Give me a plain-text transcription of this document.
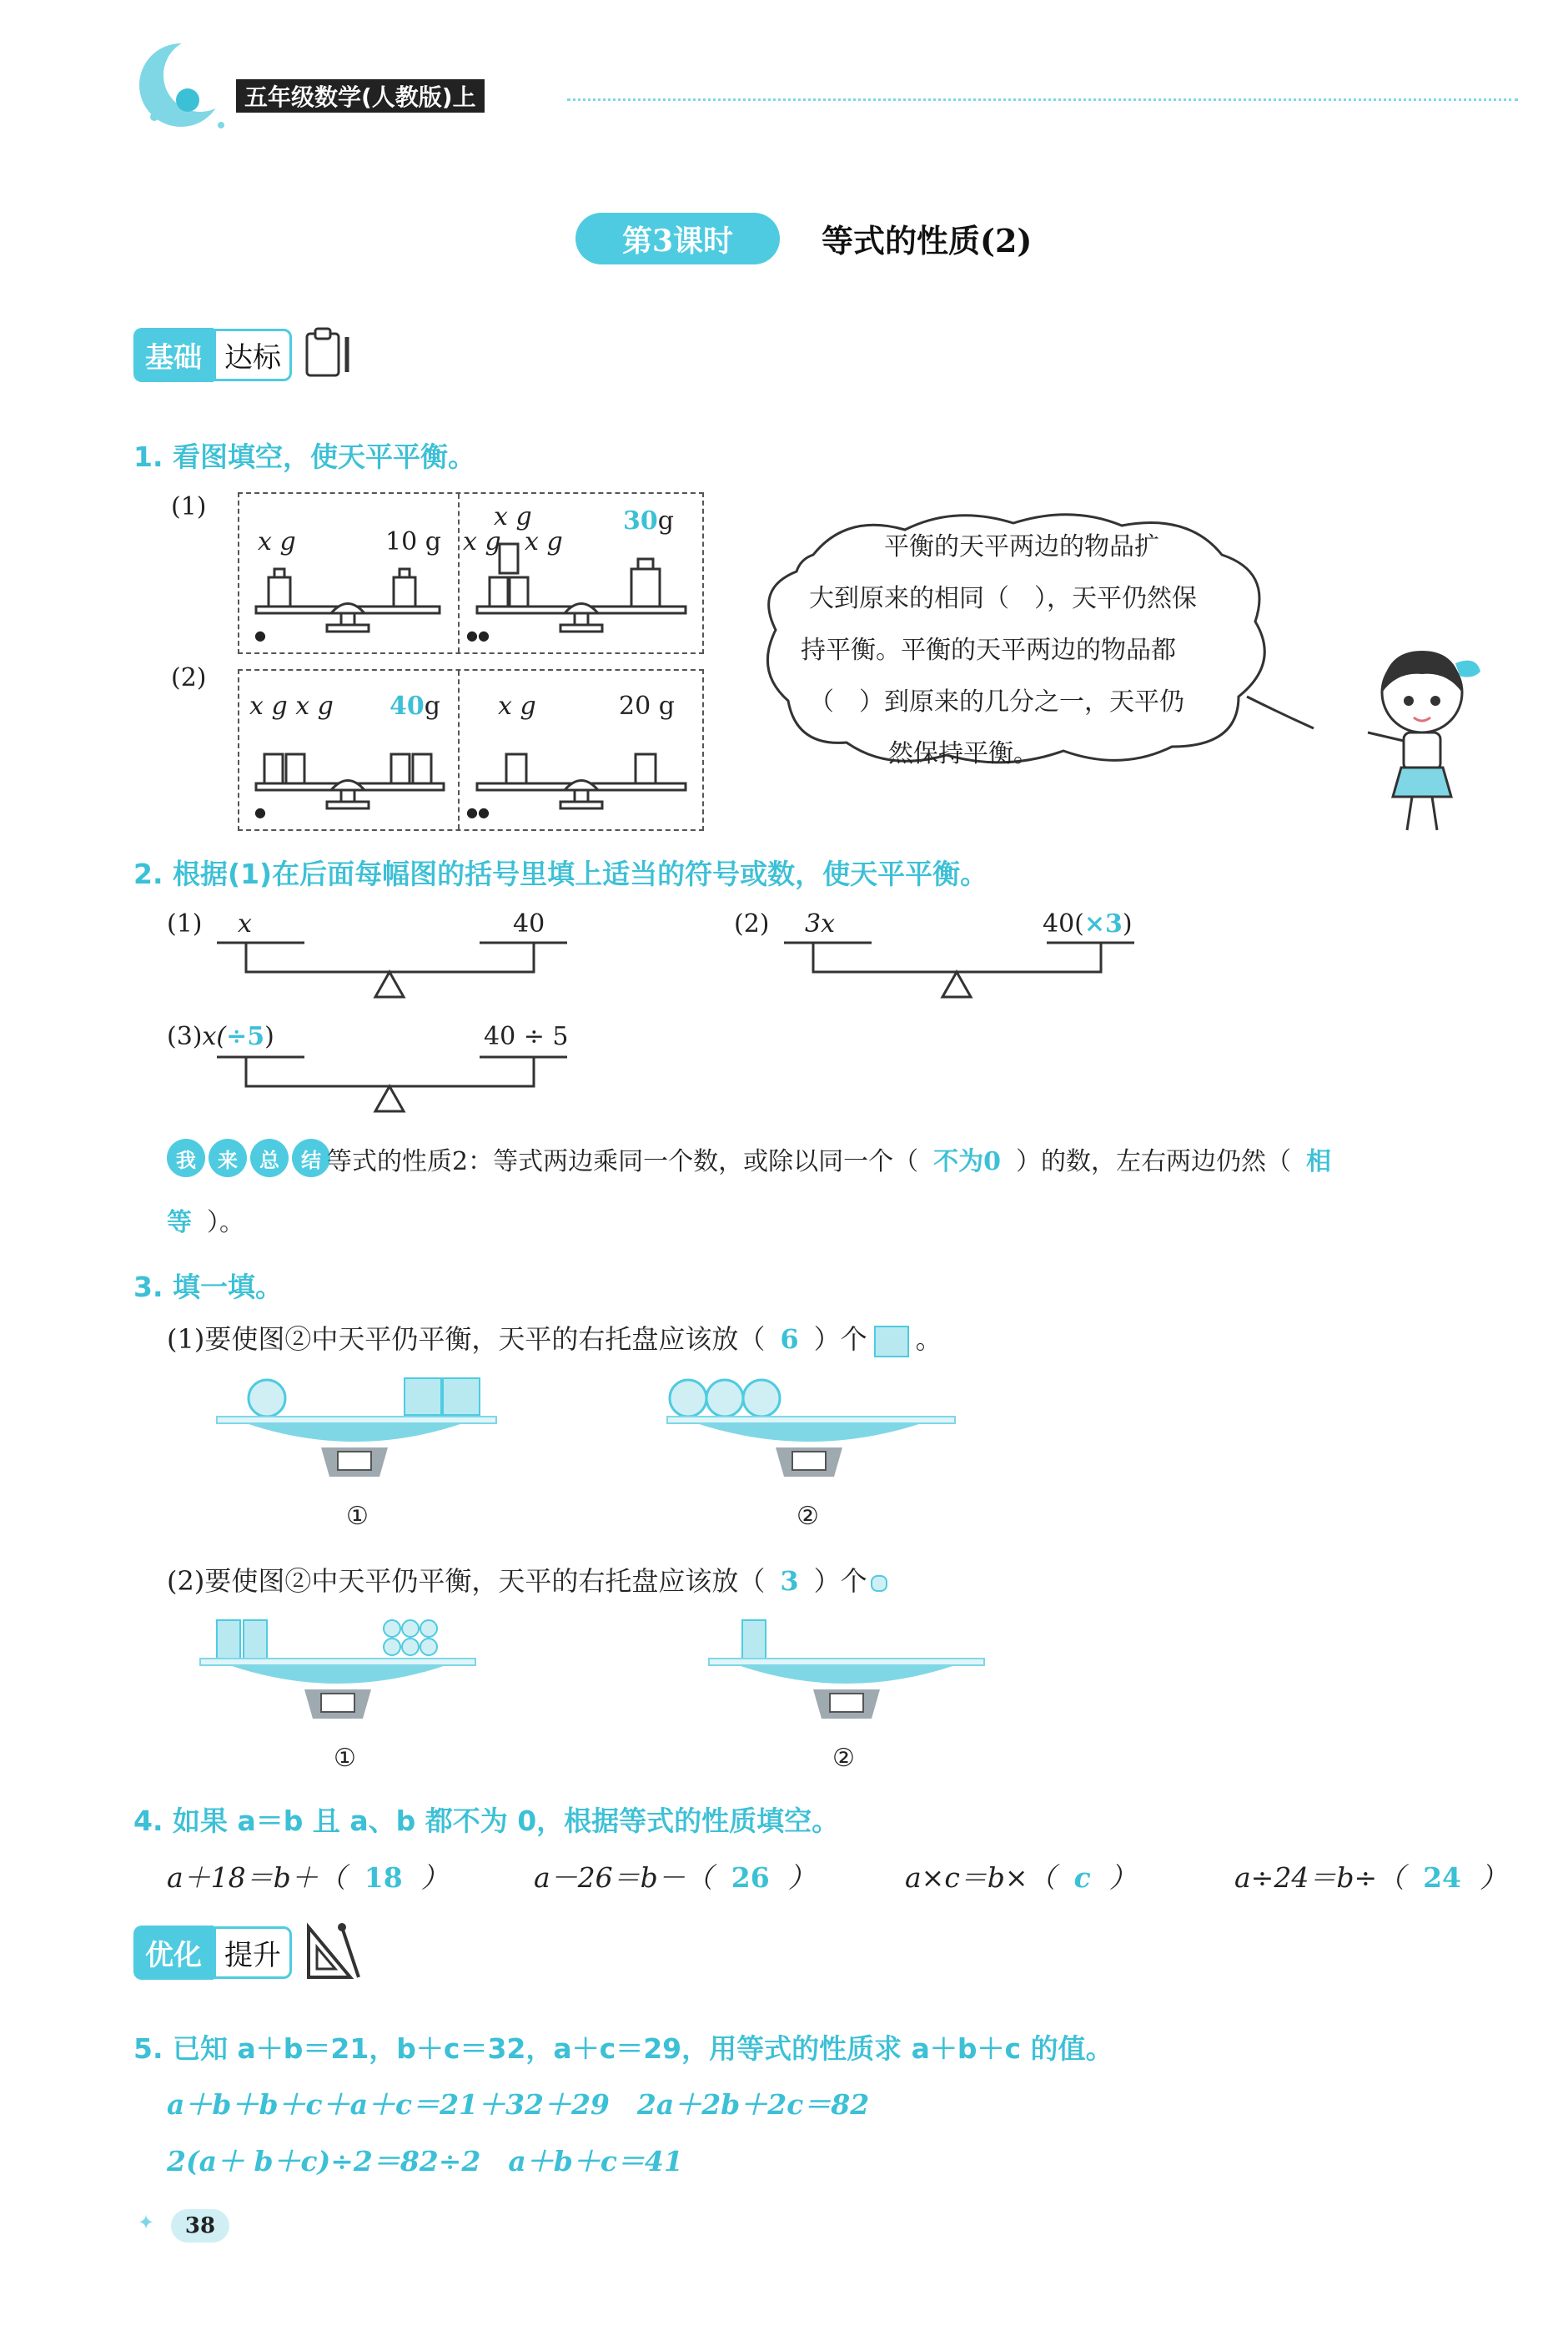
五年级数学(人教版)上
第3课时	等式的性质(2)
基础 达标
1. 看图填空，使天平平衡。
(1)
x g	10 g
x g
x g x g
30g
●	●●
(2)
x g x g 40g x g	20 g
●	●●
平衡的天平两边的物品扩
大到原来的相同（　），天平仍然保
持平衡。平衡的天平两边的物品都
（　）到原来的几分之一，天平仍
然保持平衡。
2. 根据(1)在后面每幅图的括号里填上适当的符号或数，使天平平衡。
(1) x	40	(2) 3x	40(×3)
(3)x(÷5)	40 ÷ 5
我	来	总	结 等式的性质2：等式两边乘同一个数，或除以同一个（ 不为0 ）的数，左右两边仍然（ 相
等 ）。
3. 填一填。
(1)要使图②中天平仍平衡，天平的右托盘应该放（ 6 ）个 。
①	②
(2)要使图②中天平仍平衡，天平的右托盘应该放（ 3 ）个
①	②
4. 如果 a＝b 且 a、b 都不为 0，根据等式的性质填空。
a＋18＝b＋（ 18 ）	a－26＝b－（ 26 ）	a×c＝b×（ c ）	a÷24＝b÷（ 24 ）
优化 提升
5. 已知 a＋b＝21，b＋c＝32，a＋c＝29，用等式的性质求 a＋b＋c 的值。
a＋b＋b＋c＋a＋c＝21＋32＋29　2a＋2b＋2c＝82
2(a＋ b＋c)÷2＝82÷2　a＋b＋c＝41
38
✦
